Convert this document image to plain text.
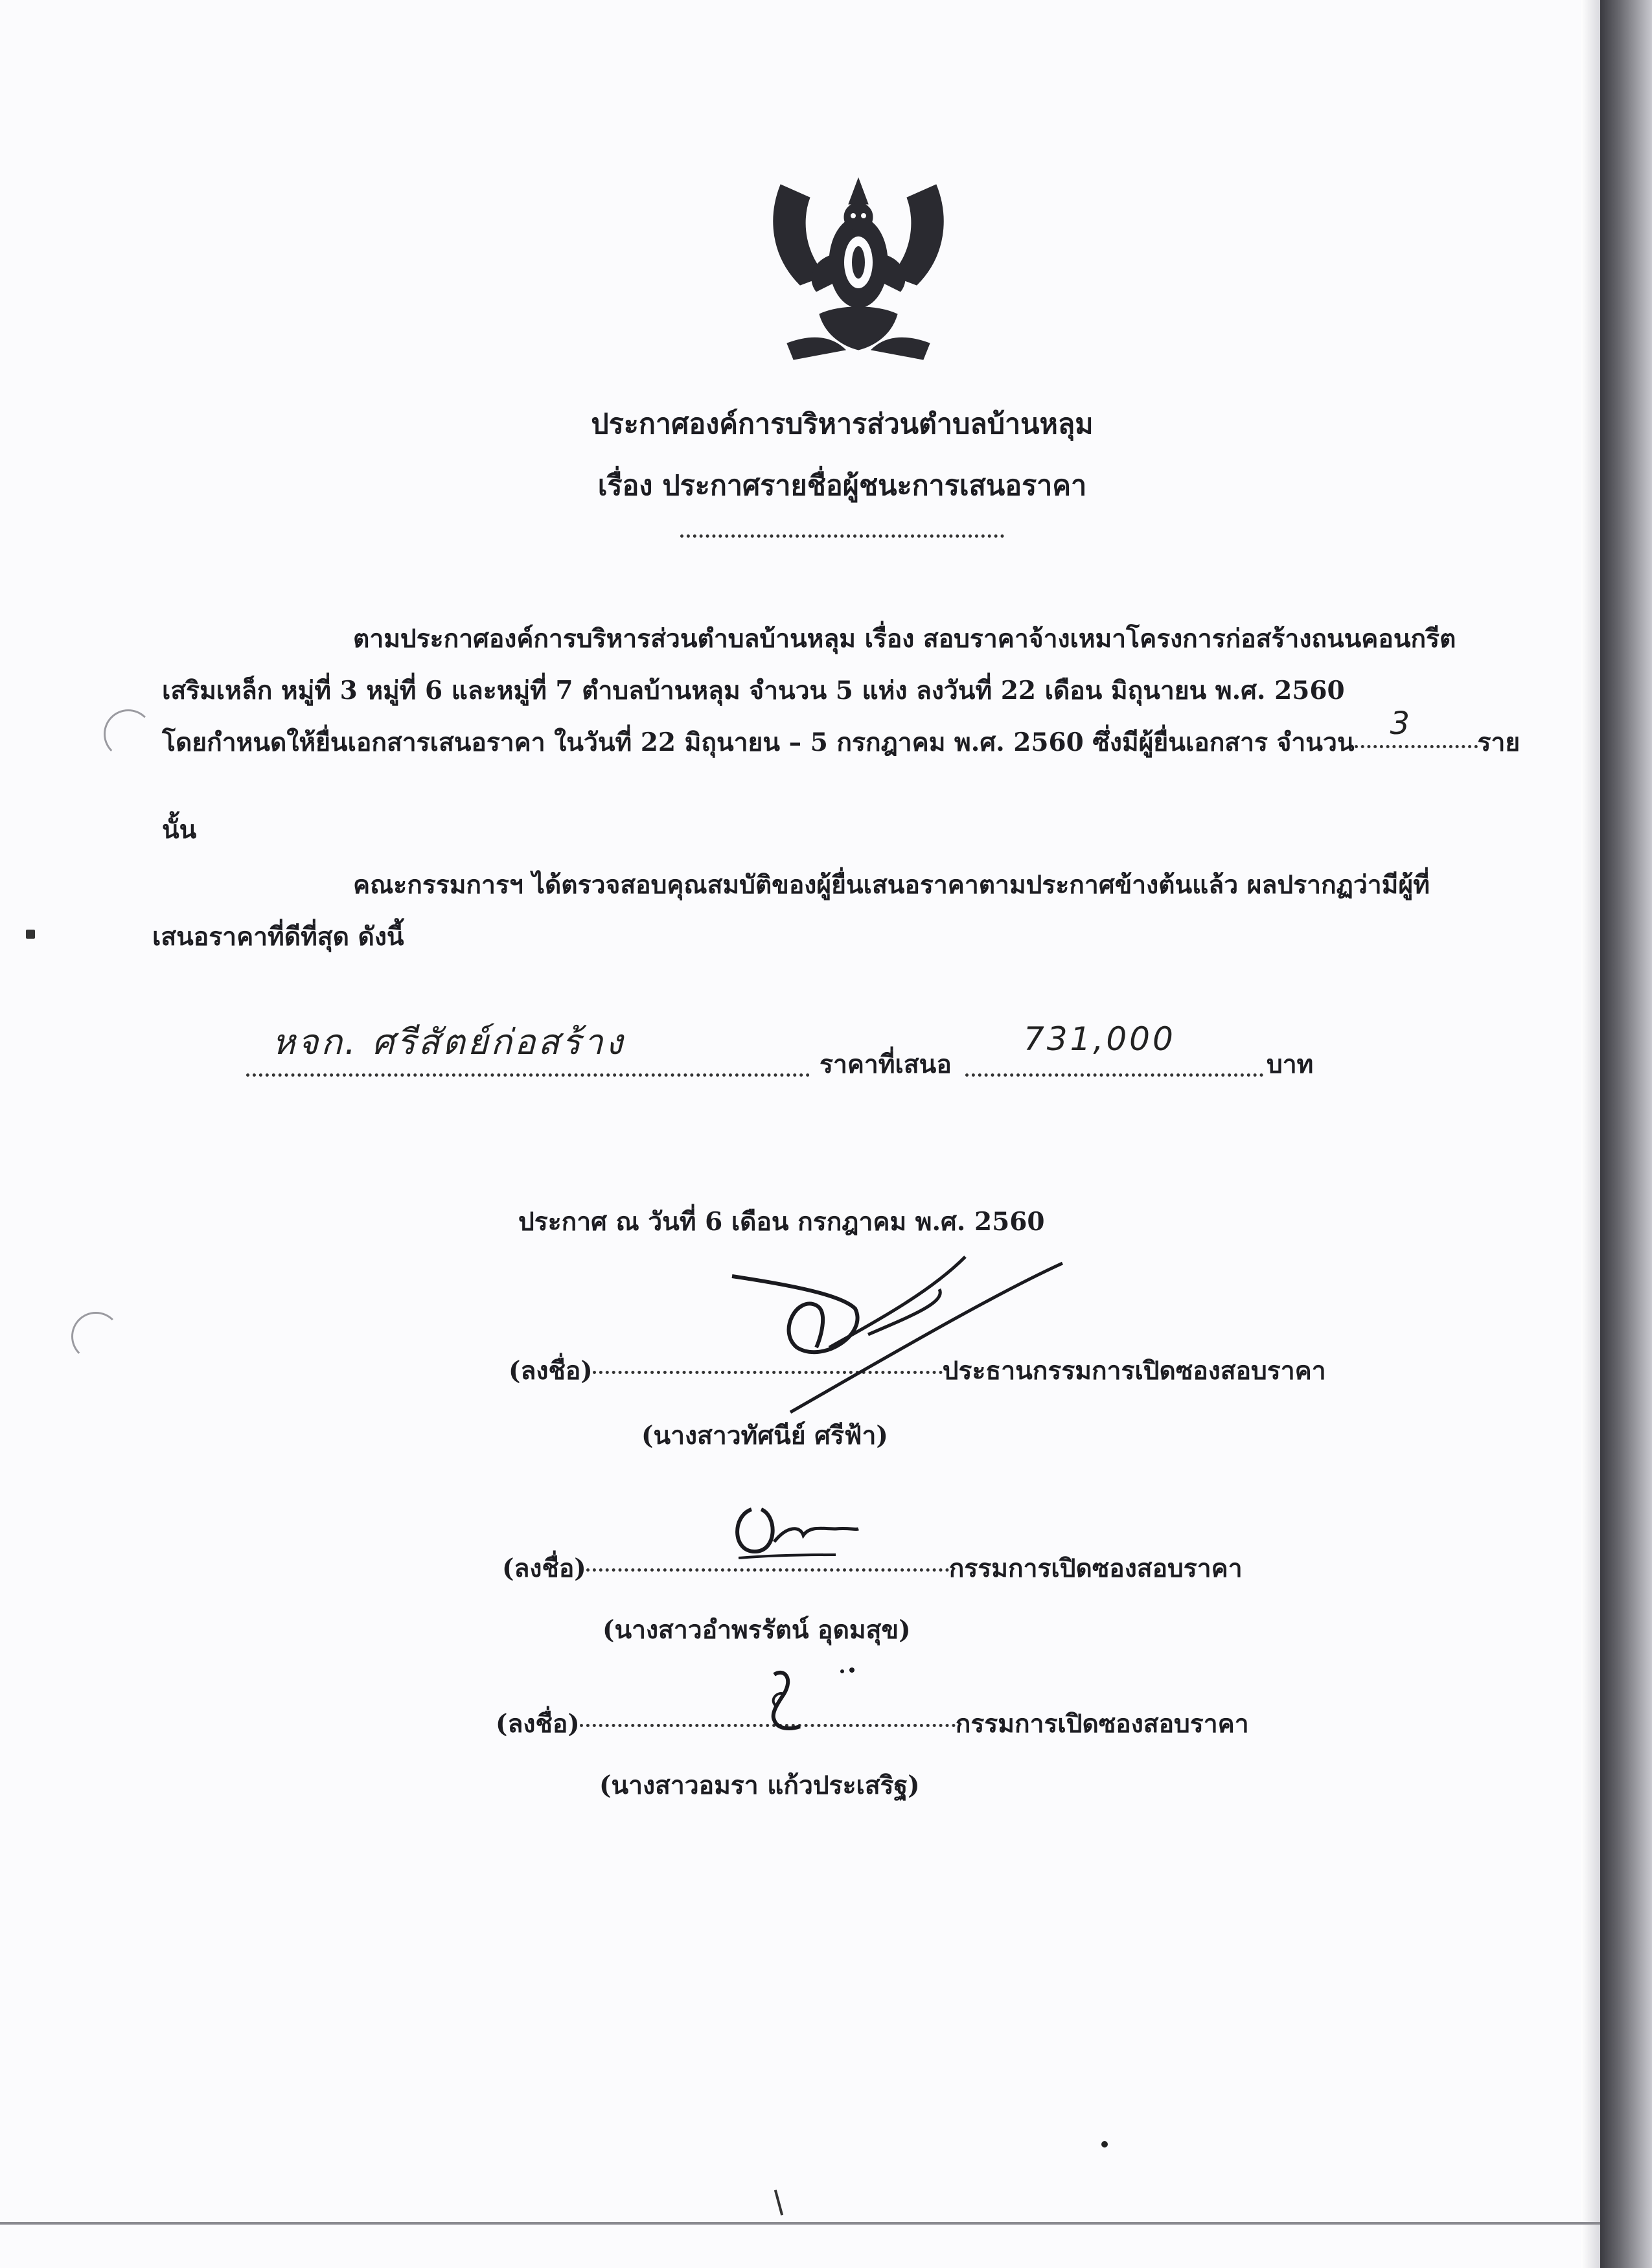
ประกาศองค์การบริหารส่วนตำบลบ้านหลุม
เรื่อง ประกาศรายชื่อผู้ชนะการเสนอราคา
ตามประกาศองค์การบริหารส่วนตำบลบ้านหลุม เรื่อง สอบราคาจ้างเหมาโครงการก่อสร้างถนนคอนกรีต
เสริมเหล็ก หมู่ที่ 3 หมู่ที่ 6 และหมู่ที่ 7 ตำบลบ้านหลุม จำนวน 5 แห่ง ลงวันที่ 22 เดือน มิถุนายน พ.ศ. 2560
โดยกำหนดให้ยื่นเอกสารเสนอราคา ในวันที่ 22 มิถุนายน – 5 กรกฎาคม พ.ศ. 2560 ซึ่งมีผู้ยื่นเอกสาร จำนวน
3
ราย
นั้น
คณะกรรมการฯ ได้ตรวจสอบคุณสมบัติของผู้ยื่นเสนอราคาตามประกาศข้างต้นแล้ว ผลปรากฏว่ามีผู้ที่
เสนอราคาที่ดีที่สุด ดังนี้
หจก. ศรีสัตย์ก่อสร้าง
ราคาที่เสนอ
731,000
บาท
ประกาศ ณ วันที่ 6 เดือน กรกฎาคม พ.ศ. 2560
(ลงชื่อ)	ประธานกรรมการเปิดซองสอบราคา
(นางสาวทัศนีย์ ศรีฟ้า)
(ลงชื่อ)	กรรมการเปิดซองสอบราคา
(นางสาวอำพรรัตน์ อุดมสุข)
(ลงชื่อ)	กรรมการเปิดซองสอบราคา
(นางสาวอมรา แก้วประเสริฐ)
